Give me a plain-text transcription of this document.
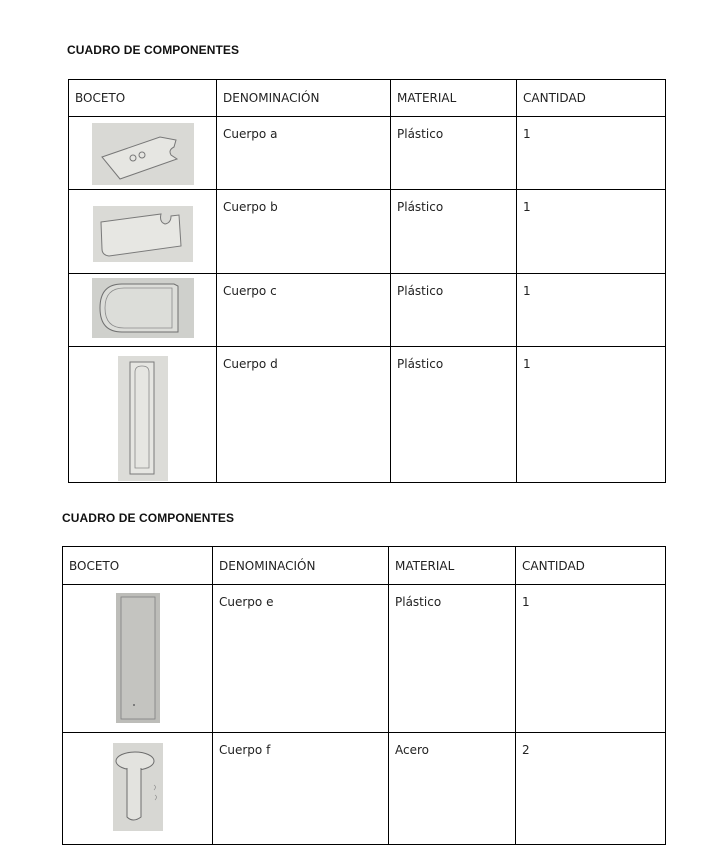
CUADRO DE COMPONENTES
BOCETO	DENOMINACIÓN	MATERIAL	CANTIDAD

	Cuerpo a	Plástico	1

	Cuerpo b	Plástico	1

	Cuerpo c	Plástico	1

	Cuerpo d	Plástico	1
CUADRO DE COMPONENTES
BOCETO	DENOMINACIÓN	MATERIAL	CANTIDAD

	Cuerpo e	Plástico	1

	Cuerpo f	Acero	2
